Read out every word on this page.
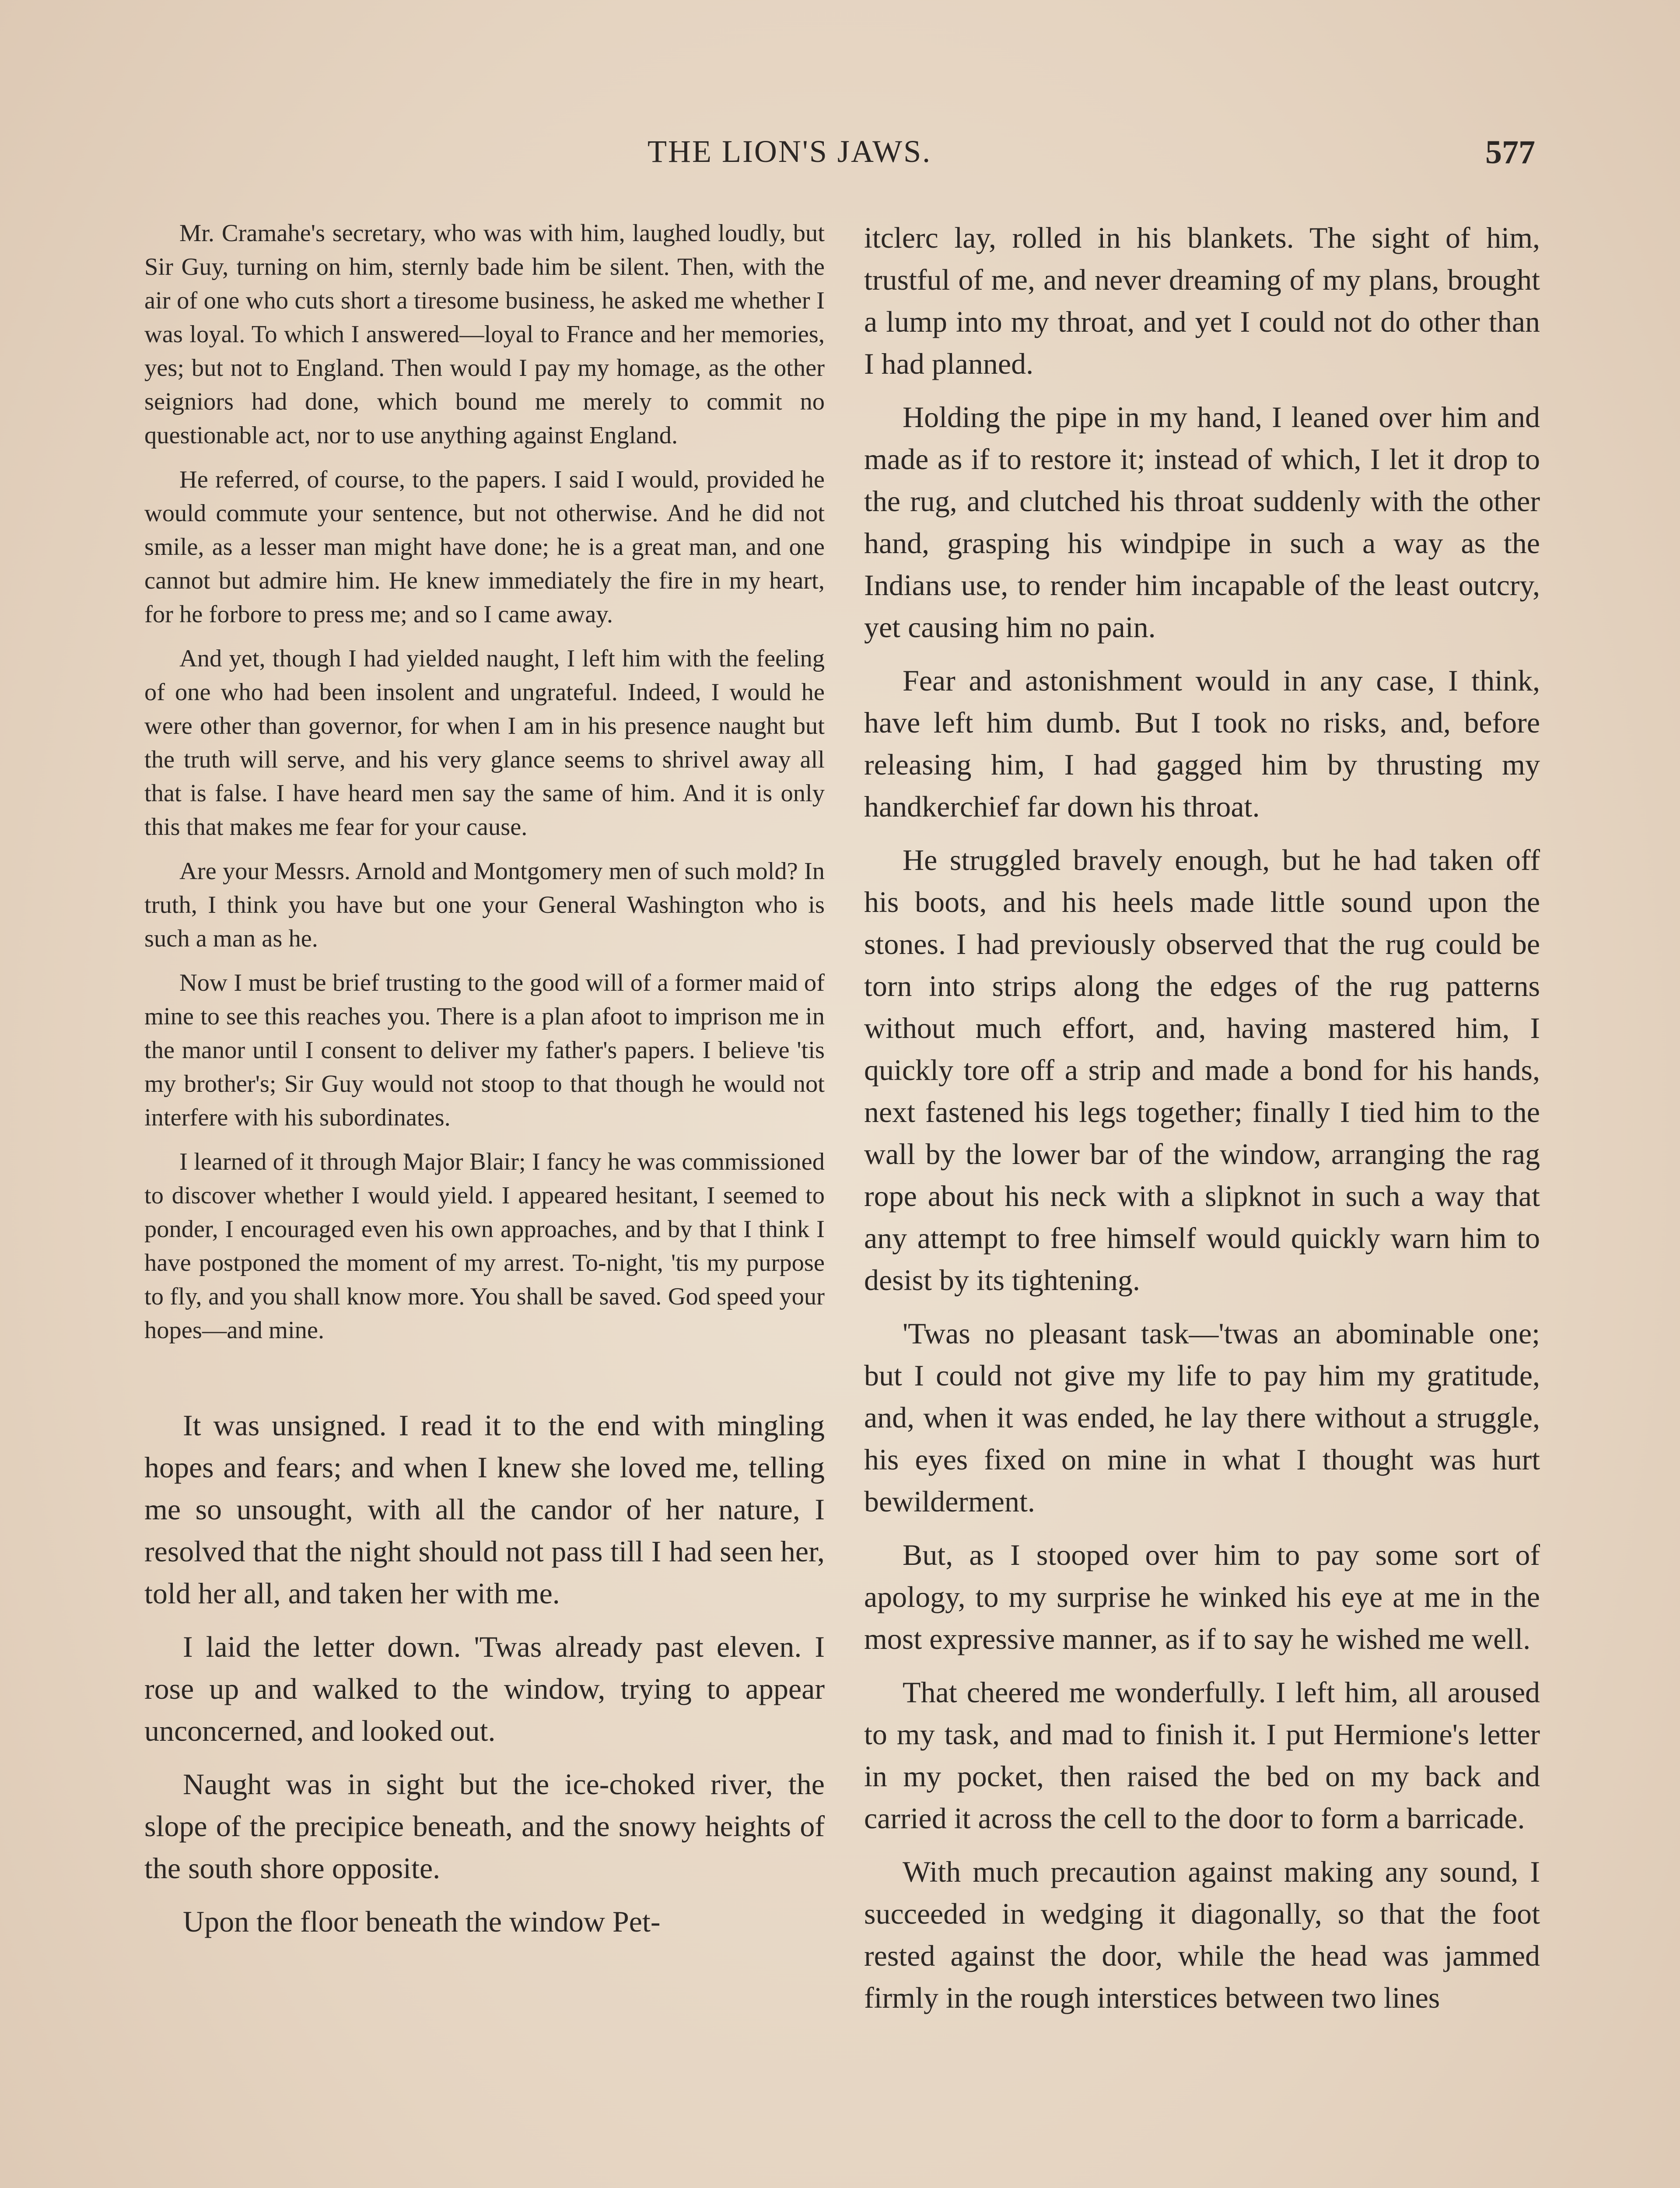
THE LION'S JAWS.	577

Mr. Cramahe's secretary, who was with him, laughed loudly, but Sir Guy, turning on him, sternly bade him be silent. Then, with the air of one who cuts short a tiresome business, he asked me whether I was loyal. To which I answered—loyal to France and her memories, yes; but not to England. Then would I pay my homage, as the other seigniors had done, which bound me merely to commit no questionable act, nor to use anything against England.

He referred, of course, to the papers. I said I would, provided he would commute your sentence, but not otherwise. And he did not smile, as a lesser man might have done; he is a great man, and one cannot but admire him. He knew immediately the fire in my heart, for he forbore to press me; and so I came away.

And yet, though I had yielded naught, I left him with the feeling of one who had been insolent and ungrateful. Indeed, I would he were other than governor, for when I am in his presence naught but the truth will serve, and his very glance seems to shrivel away all that is false. I have heard men say the same of him. And it is only this that makes me fear for your cause.

Are your Messrs. Arnold and Montgomery men of such mold? In truth, I think you have but one your General Washington who is such a man as he.

Now I must be brief trusting to the good will of a former maid of mine to see this reaches you. There is a plan afoot to imprison me in the manor until I consent to deliver my father's papers. I believe 'tis my brother's; Sir Guy would not stoop to that though he would not interfere with his subordinates.

I learned of it through Major Blair; I fancy he was commissioned to discover whether I would yield. I appeared hesitant, I seemed to ponder, I encouraged even his own approaches, and by that I think I have postponed the moment of my arrest. To-night, 'tis my purpose to fly, and you shall know more. You shall be saved. God speed your hopes—and mine.

It was unsigned. I read it to the end with mingling hopes and fears; and when I knew she loved me, telling me so unsought, with all the candor of her nature, I resolved that the night should not pass till I had seen her, told her all, and taken her with me.

I laid the letter down. 'Twas already past eleven. I rose up and walked to the window, trying to appear unconcerned, and looked out.

Naught was in sight but the ice-choked river, the slope of the precipice beneath, and the snowy heights of the south shore opposite.

Upon the floor beneath the window Pet-

itclerc lay, rolled in his blankets. The sight of him, trustful of me, and never dreaming of my plans, brought a lump into my throat, and yet I could not do other than I had planned.

Holding the pipe in my hand, I leaned over him and made as if to restore it; instead of which, I let it drop to the rug, and clutched his throat suddenly with the other hand, grasping his windpipe in such a way as the Indians use, to render him incapable of the least outcry, yet causing him no pain.

Fear and astonishment would in any case, I think, have left him dumb. But I took no risks, and, before releasing him, I had gagged him by thrusting my handkerchief far down his throat.

He struggled bravely enough, but he had taken off his boots, and his heels made little sound upon the stones. I had previously observed that the rug could be torn into strips along the edges of the rug patterns without much effort, and, having mastered him, I quickly tore off a strip and made a bond for his hands, next fastened his legs together; finally I tied him to the wall by the lower bar of the window, arranging the rag rope about his neck with a slipknot in such a way that any attempt to free himself would quickly warn him to desist by its tightening.

'Twas no pleasant task—'twas an abominable one; but I could not give my life to pay him my gratitude, and, when it was ended, he lay there without a struggle, his eyes fixed on mine in what I thought was hurt bewilderment.

But, as I stooped over him to pay some sort of apology, to my surprise he winked his eye at me in the most expressive manner, as if to say he wished me well.

That cheered me wonderfully. I left him, all aroused to my task, and mad to finish it. I put Hermione's letter in my pocket, then raised the bed on my back and carried it across the cell to the door to form a barricade.

With much precaution against making any sound, I succeeded in wedging it diagonally, so that the foot rested against the door, while the head was jammed firmly in the rough interstices between two lines
